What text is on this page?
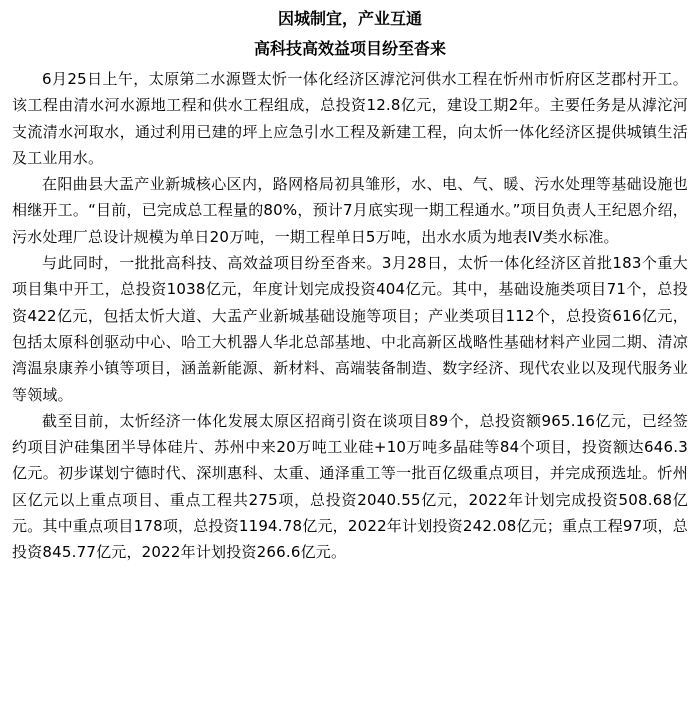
因城制宜，产业互通
高科技高效益项目纷至沓来

6月25日上午，太原第二水源暨太忻一体化经济区滹沱河供水工程在忻州市忻府区芝郡村开工。该工程由清水河水源地工程和供水工程组成，总投资12.8亿元，建设工期2年。主要任务是从滹沱河支流清水河取水，通过利用已建的坪上应急引水工程及新建工程，向太忻一体化经济区提供城镇生活及工业用水。

在阳曲县大盂产业新城核心区内，路网格局初具雏形，水、电、气、暖、污水处理等基础设施也相继开工。“目前，已完成总工程量的80%，预计7月底实现一期工程通水。”项目负责人王纪恩介绍，污水处理厂总设计规模为单日20万吨，一期工程单日5万吨，出水水质为地表IV类水标准。

与此同时，一批批高科技、高效益项目纷至沓来。3月28日，太忻一体化经济区首批183个重大项目集中开工，总投资1038亿元，年度计划完成投资404亿元。其中，基础设施类项目71个，总投资422亿元，包括太忻大道、大盂产业新城基础设施等项目；产业类项目112个，总投资616亿元，包括太原科创驱动中心、哈工大机器人华北总部基地、中北高新区战略性基础材料产业园二期、清凉湾温泉康养小镇等项目，涵盖新能源、新材料、高端装备制造、数字经济、现代农业以及现代服务业等领域。

截至目前，太忻经济一体化发展太原区招商引资在谈项目89个，总投资额965.16亿元，已经签约项目沪硅集团半导体硅片、苏州中来20万吨工业硅+10万吨多晶硅等84个项目，投资额达646.3亿元。初步谋划宁德时代、深圳惠科、太重、通泽重工等一批百亿级重点项目，并完成预选址。忻州区亿元以上重点项目、重点工程共275项，总投资2040.55亿元，2022年计划完成投资508.68亿元。其中重点项目178项，总投资1194.78亿元，2022年计划投资242.08亿元；重点工程97项，总投资845.77亿元，2022年计划投资266.6亿元。
